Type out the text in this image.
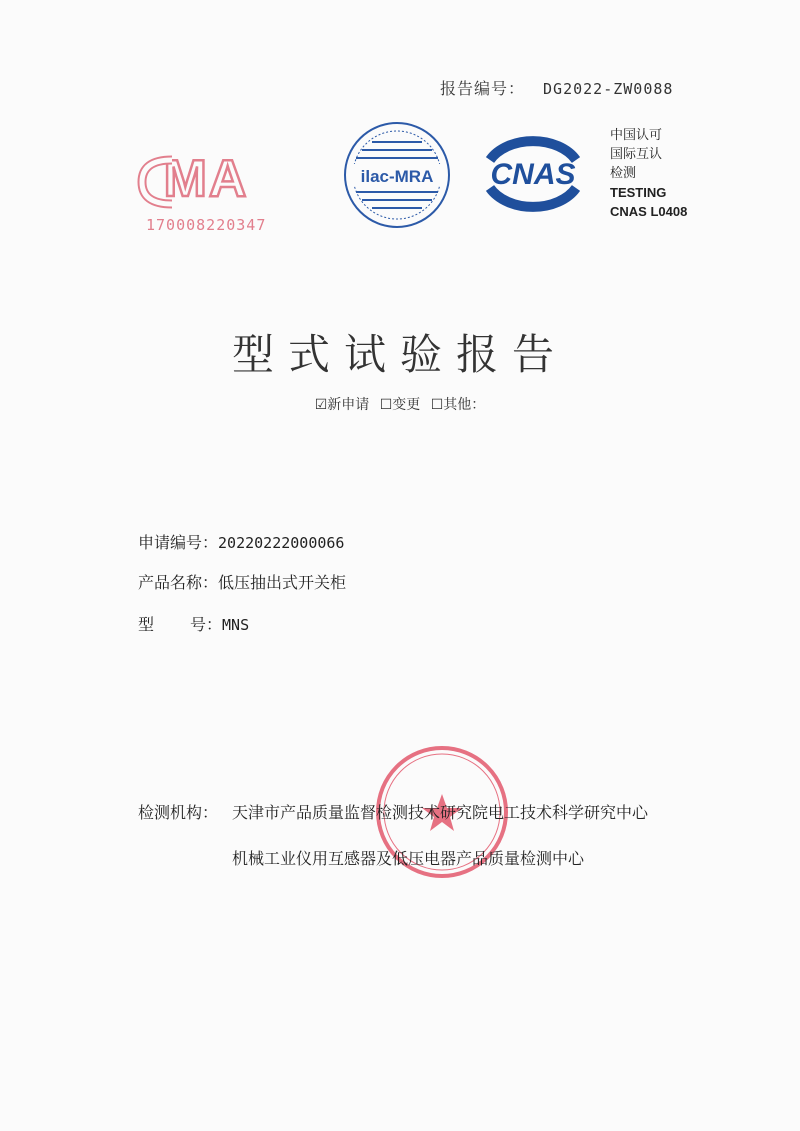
报告编号： DG2022-ZW0088
MA
170008220347
ilac-MRA CNAS
中国认可
国际互认
检测
TESTING
CNAS L0408
型式试验报告
☑新申请 ☐变更 ☐其他：
申请编号：20220222000066
产品名称：低压抽出式开关柜
型 号：MNS
检测机构： 天津市产品质量监督检测技术研究院电工技术科学研究中心
机械工业仪用互感器及低压电器产品质量检测中心
